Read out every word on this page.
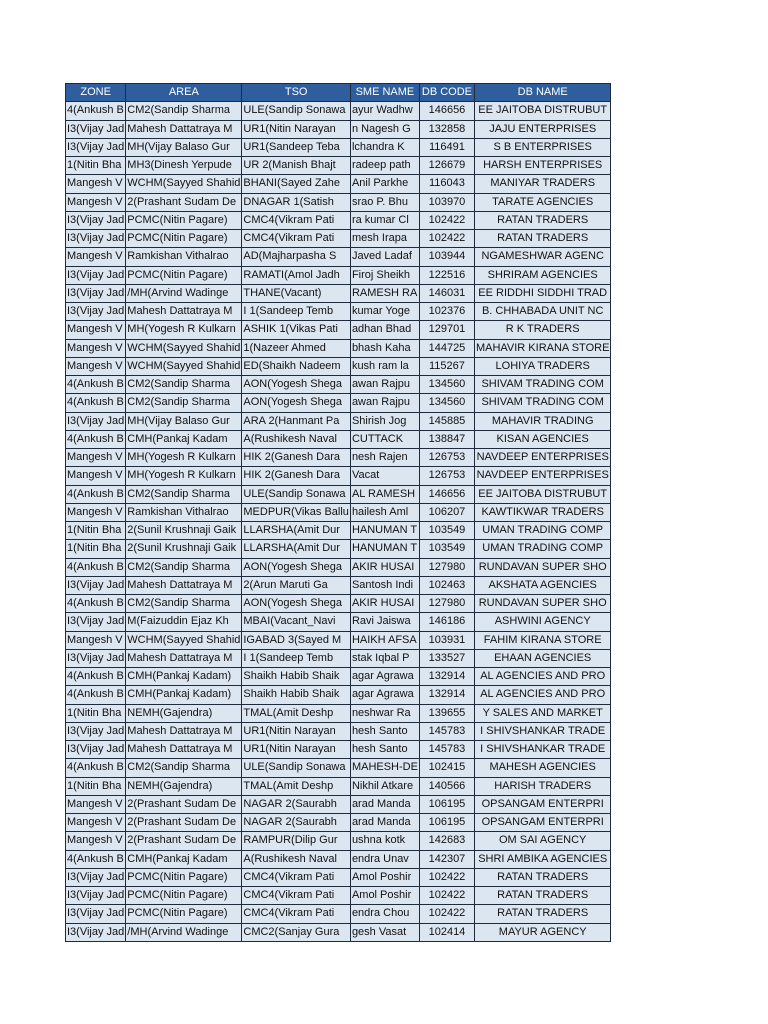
ZONE	AREA	TSO	SME NAME	DB CODE	DB NAME
4(Ankush B	CM2(Sandip Sharma	ULE(Sandip Sonawa	ayur Wadhw	146656	EE JAITOBA DISTRUBUT
I3(Vijay Jad	Mahesh Dattatraya M	UR1(Nitin Narayan	n Nagesh G	132858	JAJU ENTERPRISES
I3(Vijay Jad	MH(Vijay Balaso Gur	UR1(Sandeep Teba	lchandra K	116491	S B ENTERPRISES
1(Nitin Bha	MH3(Dinesh Yerpude	UR 2(Manish Bhajt	radeep path	126679	HARSH ENTERPRISES
Mangesh V	WCHM(Sayyed Shahid	BHANI(Sayed Zahe	Anil Parkhe	116043	MANIYAR TRADERS
Mangesh V	2(Prashant Sudam De	DNAGAR 1(Satish	srao P. Bhu	103970	TARATE AGENCIES
I3(Vijay Jad	PCMC(Nitin Pagare)	CMC4(Vikram Pati	ra kumar Cl	102422	RATAN TRADERS
I3(Vijay Jad	PCMC(Nitin Pagare)	CMC4(Vikram Pati	mesh Irapa	102422	RATAN TRADERS
Mangesh V	Ramkishan Vithalrao	AD(Majharpasha S	Javed Ladaf	103944	NGAMESHWAR AGENC
I3(Vijay Jad	PCMC(Nitin Pagare)	RAMATI(Amol Jadh	Firoj Sheikh	122516	SHRIRAM AGENCIES
I3(Vijay Jad	/MH(Arvind Wadinge	THANE(Vacant)	RAMESH RA	146031	EE RIDDHI SIDDHI TRAD
I3(Vijay Jad	Mahesh Dattatraya M	I 1(Sandeep Temb	kumar Yoge	102376	B. CHHABADA UNIT NC
Mangesh V	MH(Yogesh R Kulkarn	ASHIK 1(Vikas Pati	adhan Bhad	129701	R K TRADERS
Mangesh V	WCHM(Sayyed Shahid	1(Nazeer Ahmed	bhash Kaha	144725	MAHAVIR KIRANA STORE
Mangesh V	WCHM(Sayyed Shahid	ED(Shaikh Nadeem	kush ram la	115267	LOHIYA TRADERS
4(Ankush B	CM2(Sandip Sharma	AON(Yogesh Shega	awan Rajpu	134560	SHIVAM TRADING COM
4(Ankush B	CM2(Sandip Sharma	AON(Yogesh Shega	awan Rajpu	134560	SHIVAM TRADING COM
I3(Vijay Jad	MH(Vijay Balaso Gur	ARA 2(Hanmant Pa	Shirish Jog	145885	MAHAVIR TRADING
4(Ankush B	CMH(Pankaj Kadam	A(Rushikesh Naval	CUTTACK	138847	KISAN AGENCIES
Mangesh V	MH(Yogesh R Kulkarn	HIK 2(Ganesh Dara	nesh Rajen	126753	NAVDEEP ENTERPRISES
Mangesh V	MH(Yogesh R Kulkarn	HIK 2(Ganesh Dara	Vacat	126753	NAVDEEP ENTERPRISES
4(Ankush B	CM2(Sandip Sharma	ULE(Sandip Sonawa	AL RAMESH	146656	EE JAITOBA DISTRUBUT
Mangesh V	Ramkishan Vithalrao	MEDPUR(Vikas Ballu	hailesh Aml	106207	KAWTIKWAR TRADERS
1(Nitin Bha	2(Sunil Krushnaji Gaik	LLARSHA(Amit Dur	HANUMAN T	103549	UMAN TRADING COMP
1(Nitin Bha	2(Sunil Krushnaji Gaik	LLARSHA(Amit Dur	HANUMAN T	103549	UMAN TRADING COMP
4(Ankush B	CM2(Sandip Sharma	AON(Yogesh Shega	AKIR HUSAI	127980	RUNDAVAN SUPER SHO
I3(Vijay Jad	Mahesh Dattatraya M	2(Arun Maruti Ga	Santosh Indi	102463	AKSHATA AGENCIES
4(Ankush B	CM2(Sandip Sharma	AON(Yogesh Shega	AKIR HUSAI	127980	RUNDAVAN SUPER SHO
I3(Vijay Jad	M(Faizuddin Ejaz Kh	MBAI(Vacant_Navi	Ravi Jaiswa	146186	ASHWINI AGENCY
Mangesh V	WCHM(Sayyed Shahid	IGABAD 3(Sayed M	HAIKH AFSA	103931	FAHIM KIRANA STORE
I3(Vijay Jad	Mahesh Dattatraya M	I 1(Sandeep Temb	stak Iqbal P	133527	EHAAN AGENCIES
4(Ankush B	CMH(Pankaj Kadam)	Shaikh Habib Shaik	agar Agrawa	132914	AL AGENCIES AND PRO
4(Ankush B	CMH(Pankaj Kadam)	Shaikh Habib Shaik	agar Agrawa	132914	AL AGENCIES AND PRO
1(Nitin Bha	NEMH(Gajendra)	TMAL(Amit Deshp	neshwar Ra	139655	Y SALES AND MARKET
I3(Vijay Jad	Mahesh Dattatraya M	UR1(Nitin Narayan	hesh Santo	145783	I SHIVSHANKAR TRADE
I3(Vijay Jad	Mahesh Dattatraya M	UR1(Nitin Narayan	hesh Santo	145783	I SHIVSHANKAR TRADE
4(Ankush B	CM2(Sandip Sharma	ULE(Sandip Sonawa	MAHESH-DE	102415	MAHESH AGENCIES
1(Nitin Bha	NEMH(Gajendra)	TMAL(Amit Deshp	Nikhil Atkare	140566	HARISH TRADERS
Mangesh V	2(Prashant Sudam De	NAGAR 2(Saurabh	arad Manda	106195	OPSANGAM ENTERPRI
Mangesh V	2(Prashant Sudam De	NAGAR 2(Saurabh	arad Manda	106195	OPSANGAM ENTERPRI
Mangesh V	2(Prashant Sudam De	RAMPUR(Dilip Gur	ushna kotk	142683	OM SAI AGENCY
4(Ankush B	CMH(Pankaj Kadam	A(Rushikesh Naval	endra Unav	142307	SHRI AMBIKA AGENCIES
I3(Vijay Jad	PCMC(Nitin Pagare)	CMC4(Vikram Pati	Amol Poshir	102422	RATAN TRADERS
I3(Vijay Jad	PCMC(Nitin Pagare)	CMC4(Vikram Pati	Amol Poshir	102422	RATAN TRADERS
I3(Vijay Jad	PCMC(Nitin Pagare)	CMC4(Vikram Pati	endra Chou	102422	RATAN TRADERS
I3(Vijay Jad	/MH(Arvind Wadinge	CMC2(Sanjay Gura	gesh Vasat	102414	MAYUR AGENCY
